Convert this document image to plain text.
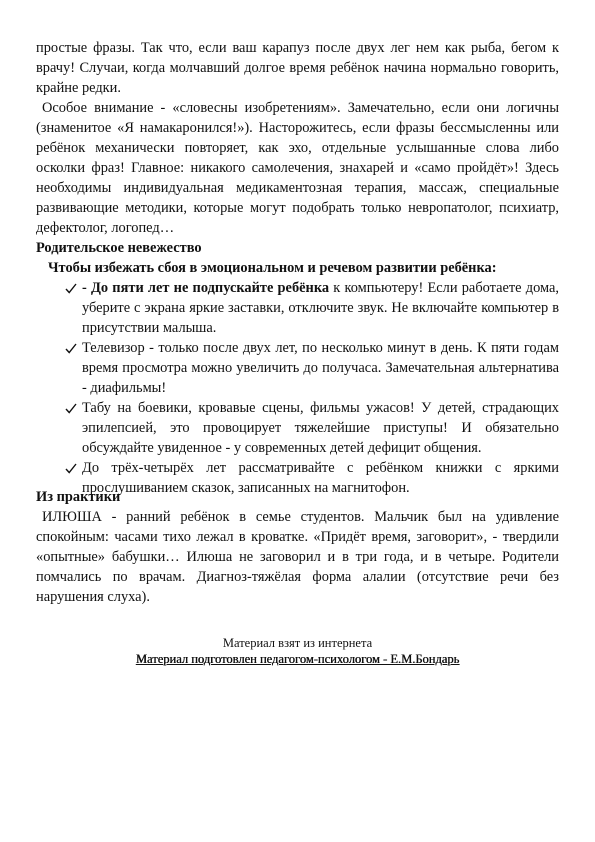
простые фразы. Так что, если ваш карапуз после двух лег нем как рыба, бегом к врачу! Случаи, когда молчавший долгое время ребёнок начина нормально говорить, крайне редки.

Особое внимание - «словесны изобретениям». Замечательно, если они логичны (знаменитое «Я намакаронился!»). Насторожитесь, если фразы бессмысленны или ребёнок механически повторяет, как эхо, отдельные услышанные слова либо осколки фраз! Главное: никакого самолечения, знахарей и «само пройдёт»! Здесь необходимы индивидуальная медикаментозная терапия, массаж, специальные развивающие методики, которые могут подобрать только невропатолог, психиатр, дефектолог, логопед…

Родительское невежество

Чтобы избежать сбоя в эмоциональном и речевом развитии ребёнка:

- До пяти лет не подпускайте ребёнка к компьютеру! Если работаете дома, уберите с экрана яркие заставки, отключите звук. Не включайте компьютер в присутствии малыша.
Телевизор - только после двух лет, по несколько минут в день. К пяти годам время просмотра можно увеличить до получаса. Замечательная альтернатива - диафильмы!
Табу на боевики, кровавые сцены, фильмы ужасов! У детей, страдающих эпилепсией, это провоцирует тяжелейшие приступы! И обязательно обсуждайте увиденное - у современных детей дефицит общения.
До трёх-четырёх лет рассматривайте с ребёнком книжки с яркими прослушиванием сказок, записанных на магнитофон.

Из практики

ИЛЮША - ранний ребёнок в семье студентов. Мальчик был на удивление спокойным: часами тихо лежал в кроватке. «Придёт время, заговорит», - твердили «опытные» бабушки… Илюша не заговорил и в три года, и в четыре. Родители помчались по врачам. Диагноз-тяжёлая форма алалии (отсутствие речи без нарушения слуха).

Материал взят из интернета

Материал подготовлен педагогом-психологом - Е.М.Бондарь
